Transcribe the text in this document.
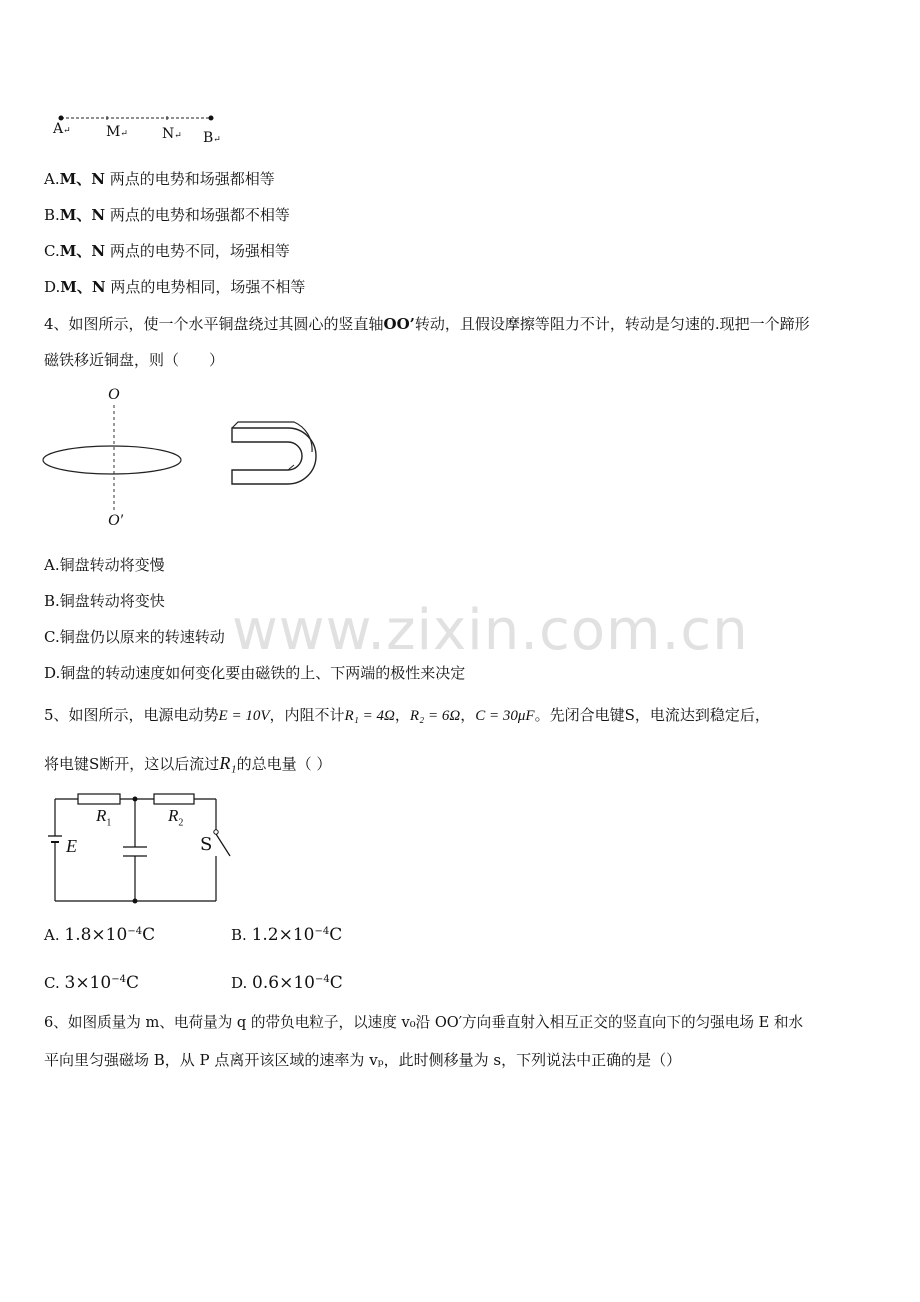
A↵	M↵ N↵ B↵
A.M、N 两点的电势和场强都相等
B.M、N 两点的电势和场强都不相等
C.M、N 两点的电势不同，场强相等
D.M、N 两点的电势相同，场强不相等
4、如图所示，使一个水平铜盘绕过其圆心的竖直轴OO’转动，且假设摩擦等阻力不计，转动是匀速的.现把一个蹄形
磁铁移近铜盘，则（　　）
O
O′
A.铜盘转动将变慢
B.铜盘转动将变快
C.铜盘仍以原来的转速转动
D.铜盘的转动速度如何变化要由磁铁的上、下两端的极性来决定
www.zixin.com.cn
5、如图所示，电源电动势E = 10V，内阻不计R₁ = 4Ω，R₂ = 6Ω，C = 30μF。先闭合电键S，电流达到稳定后，
将电键S断开，这以后流过R₁的总电量（ ）
$R_1$	$R_2$
E	S
A. $1.8\times 10^{-4}C$	B. $1.2\times 10^{-4}C$
C. $3\times 10^{-4}C$	D. $0.6\times 10^{-4}C$
6、如图质量为 m、电荷量为 q 的带负电粒子，以速度 v₀沿 OO′方向垂直射入相互正交的竖直向下的匀强电场 E 和水
平向里匀强磁场 B，从 P 点离开该区域的速率为 vₚ，此时侧移量为 s，下列说法中正确的是（）
